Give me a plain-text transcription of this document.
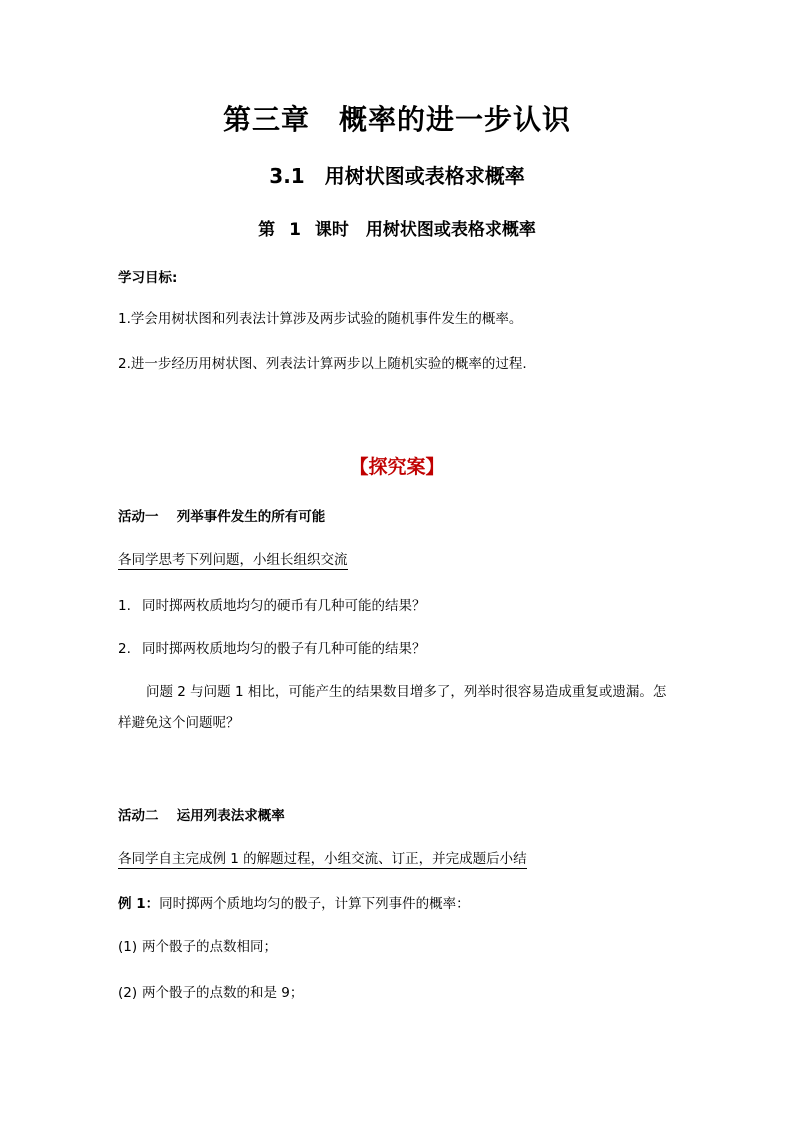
第三章　概率的进一步认识
3.1　用树状图或表格求概率
第 1 课时　用树状图或表格求概率
学习目标:
1.学会用树状图和列表法计算涉及两步试验的随机事件发生的概率。
2.进一步经历用树状图、列表法计算两步以上随机实验的概率的过程.
【探究案】
活动一　 列举事件发生的所有可能
各同学思考下列问题，小组长组织交流
1. 同时掷两枚质地均匀的硬币有几种可能的结果？
2. 同时掷两枚质地均匀的骰子有几种可能的结果？

问题 2 与问题 1 相比，可能产生的结果数目增多了，列举时很容易造成重复或遗漏。怎样避免这个问题呢？

活动二　 运用列表法求概率
各同学自主完成例 1 的解题过程，小组交流、订正，并完成题后小结
例 1：同时掷两个质地均匀的骰子，计算下列事件的概率：
(1) 两个骰子的点数相同；
(2) 两个骰子的点数的和是 9；
